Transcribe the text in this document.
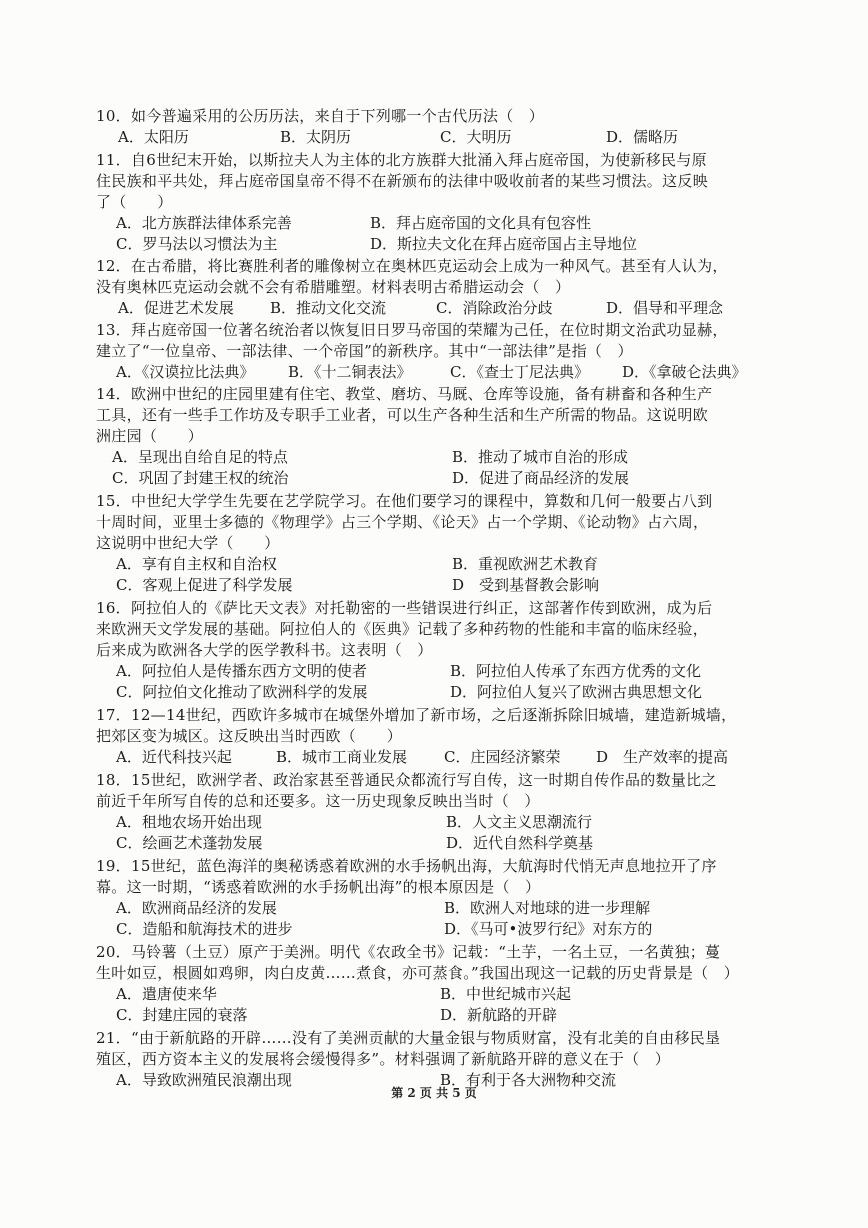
10．如今普遍采用的公历历法，来自于下列哪一个古代历法（　）
A．太阳历	B．太阴历	C．大明历	D．儒略历
11．自6世纪末开始，以斯拉夫人为主体的北方族群大批涌入拜占庭帝国，为使新移民与原
住民族和平共处，拜占庭帝国皇帝不得不在新颁布的法律中吸收前者的某些习惯法。这反映
了（　　）
A．北方族群法律体系完善	B．拜占庭帝国的文化具有包容性
C．罗马法以习惯法为主	D．斯拉夫文化在拜占庭帝国占主导地位
12．在古希腊，将比赛胜利者的雕像树立在奥林匹克运动会上成为一种风气。甚至有人认为，
没有奥林匹克运动会就不会有希腊雕塑。材料表明古希腊运动会（　）
A．促进艺术发展 B．推动文化交流	C．消除政治分歧	D．倡导和平理念
13．拜占庭帝国一位著名统治者以恢复旧日罗马帝国的荣耀为己任，在位时期文治武功显赫，
建立了“一位皇帝、一部法律、一个帝国”的新秩序。其中“一部法律”是指（　）
A．《汉谟拉比法典》 B．《十二铜表法》	C．《查士丁尼法典》 D．《拿破仑法典》
14．欧洲中世纪的庄园里建有住宅、教堂、磨坊、马厩、仓库等设施，备有耕畜和各种生产
工具，还有一些手工作坊及专职手工业者，可以生产各种生活和生产所需的物品。这说明欧
洲庄园（　　）
A．呈现出自给自足的特点	B．推动了城市自治的形成
C．巩固了封建王权的统治	D．促进了商品经济的发展
15．中世纪大学学生先要在艺学院学习。在他们要学习的课程中，算数和几何一般要占八到
十周时间，亚里士多德的《物理学》占三个学期、《论天》占一个学期、《论动物》占六周，
这说明中世纪大学（　　）
A．享有自主权和自治权	B．重视欧洲艺术教育
C．客观上促进了科学发展	D　受到基督教会影响
16．阿拉伯人的《萨比天文表》对托勒密的一些错误进行纠正，这部著作传到欧洲，成为后
来欧洲天文学发展的基础。阿拉伯人的《医典》记载了多种药物的性能和丰富的临床经验，
后来成为欧洲各大学的医学教科书。这表明（　）
A．阿拉伯人是传播东西方文明的使者	B．阿拉伯人传承了东西方优秀的文化
C．阿拉伯文化推动了欧洲科学的发展	D．阿拉伯人复兴了欧洲古典思想文化
17．12—14世纪，西欧许多城市在城堡外增加了新市场，之后逐渐拆除旧城墙，建造新城墙，
把郊区变为城区。这反映出当时西欧（　　）
A．近代科技兴起	B．城市工商业发展 C．庄园经济繁荣 D　生产效率的提高
18．15世纪，欧洲学者、政治家甚至普通民众都流行写自传，这一时期自传作品的数量比之
前近千年所写自传的总和还要多。这一历史现象反映出当时（　）
A．租地农场开始出现	B．人文主义思潮流行
C．绘画艺术蓬勃发展	D．近代自然科学奠基
19．15世纪，蓝色海洋的奥秘诱惑着欧洲的水手扬帆出海，大航海时代悄无声息地拉开了序
幕。这一时期，“诱惑着欧洲的水手扬帆出海”的根本原因是（　）
A．欧洲商品经济的发展	B．欧洲人对地球的进一步理解
C．造船和航海技术的进步	D．《马可•波罗行纪》对东方的
20．马铃薯（土豆）原产于美洲。明代《农政全书》记载：“土芋，一名土豆，一名黄独；蔓
生叶如豆，根圆如鸡卵，肉白皮黄……煮食，亦可蒸食。”我国出现这一记载的历史背景是（　）
A．遣唐使来华	B．中世纪城市兴起
C．封建庄园的衰落	D．新航路的开辟
21．“由于新航路的开辟……没有了美洲贡献的大量金银与物质财富，没有北美的自由移民垦
殖区，西方资本主义的发展将会缓慢得多”。材料强调了新航路开辟的意义在于（　）
A．导致欧洲殖民浪潮出现	B．有利于各大洲物种交流
第 2 页 共 5 页
